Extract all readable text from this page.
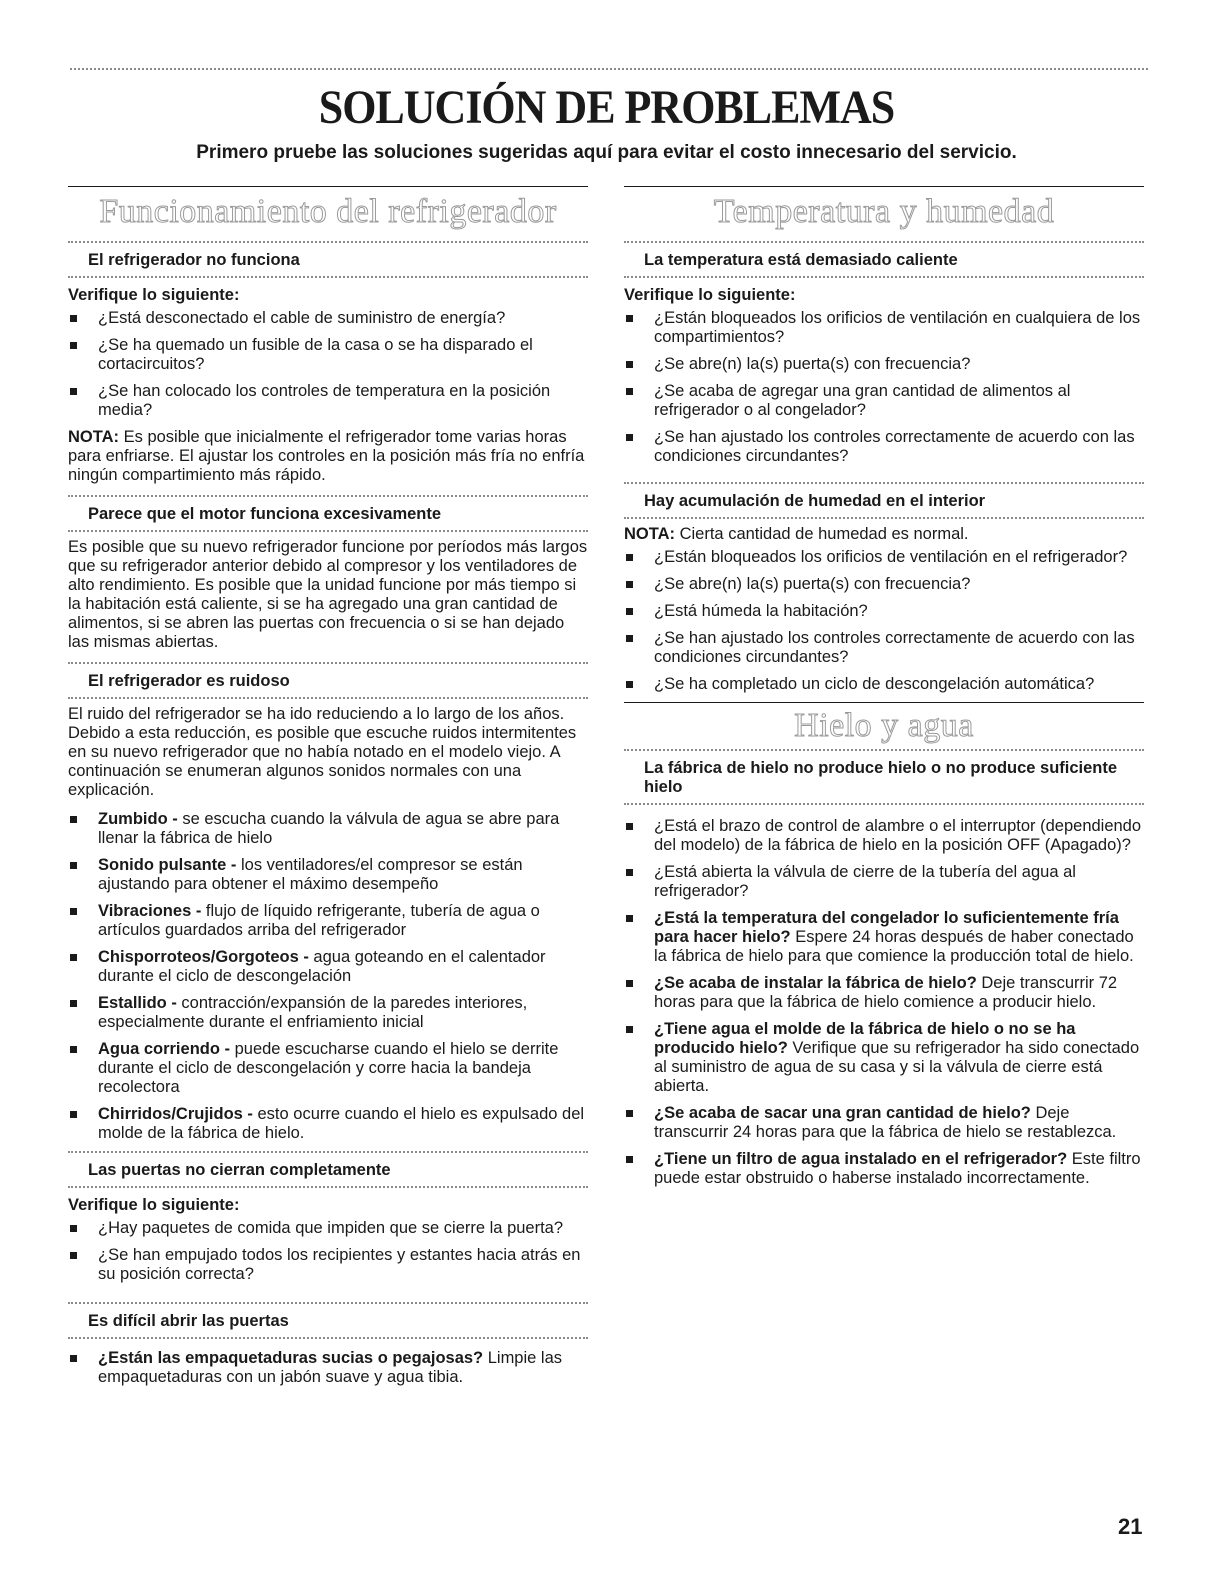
SOLUCIÓN DE PROBLEMAS
Primero pruebe las soluciones sugeridas aquí para evitar el costo innecesario del servicio.
Funcionamiento del refrigerador
El refrigerador no funciona
Verifique lo siguiente:
¿Está desconectado el cable de suministro de energía?
¿Se ha quemado un fusible de la casa o se ha disparado el cortacircuitos?
¿Se han colocado los controles de temperatura en la posición media?

NOTA: Es posible que inicialmente el refrigerador tome varias horas para enfriarse. El ajustar los controles en la posición más fría no enfría ningún compartimiento más rápido.

Parece que el motor funciona excesivamente

Es posible que su nuevo refrigerador funcione por períodos más largos que su refrigerador anterior debido al compresor y los ventiladores de alto rendimiento. Es posible que la unidad funcione por más tiempo si la habitación está caliente, si se ha agregado una gran cantidad de alimentos, si se abren las puertas con frecuencia o si se han dejado las mismas abiertas.

El refrigerador es ruidoso

El ruido del refrigerador se ha ido reduciendo a lo largo de los años. Debido a esta reducción, es posible que escuche ruidos intermitentes en su nuevo refrigerador que no había notado en el modelo viejo. A continuación se enumeran algunos sonidos normales con una explicación.

Zumbido - se escucha cuando la válvula de agua se abre para llenar la fábrica de hielo
Sonido pulsante - los ventiladores/el compresor se están ajustando para obtener el máximo desempeño
Vibraciones - flujo de líquido refrigerante, tubería de agua o artículos guardados arriba del refrigerador
Chisporroteos/Gorgoteos - agua goteando en el calentador durante el ciclo de descongelación
Estallido - contracción/expansión de la paredes interiores, especialmente durante el enfriamiento inicial
Agua corriendo - puede escucharse cuando el hielo se derrite durante el ciclo de descongelación y corre hacia la bandeja recolectora
Chirridos/Crujidos - esto ocurre cuando el hielo es expulsado del molde de la fábrica de hielo.
Las puertas no cierran completamente
Verifique lo siguiente:
¿Hay paquetes de comida que impiden que se cierre la puerta?
¿Se han empujado todos los recipientes y estantes hacia atrás en su posición correcta?
Es difícil abrir las puertas
¿Están las empaquetaduras sucias o pegajosas? Limpie las empaquetaduras con un jabón suave y agua tibia.
Temperatura y humedad
La temperatura está demasiado caliente
Verifique lo siguiente:
¿Están bloqueados los orificios de ventilación en cualquiera de los compartimientos?
¿Se abre(n) la(s) puerta(s) con frecuencia?
¿Se acaba de agregar una gran cantidad de alimentos al refrigerador o al congelador?
¿Se han ajustado los controles correctamente de acuerdo con las condiciones circundantes?
Hay acumulación de humedad en el interior

NOTA: Cierta cantidad de humedad es normal.

¿Están bloqueados los orificios de ventilación en el refrigerador?
¿Se abre(n) la(s) puerta(s) con frecuencia?
¿Está húmeda la habitación?
¿Se han ajustado los controles correctamente de acuerdo con las condiciones circundantes?
¿Se ha completado un ciclo de descongelación automática?
Hielo y agua
La fábrica de hielo no produce hielo o no produce suficiente hielo
¿Está el brazo de control de alambre o el interruptor (dependiendo del modelo) de la fábrica de hielo en la posición OFF (Apagado)?
¿Está abierta la válvula de cierre de la tubería del agua al refrigerador?
¿Está la temperatura del congelador lo suficientemente fría para hacer hielo? Espere 24 horas después de haber conectado la fábrica de hielo para que comience la producción total de hielo.
¿Se acaba de instalar la fábrica de hielo? Deje transcurrir 72 horas para que la fábrica de hielo comience a producir hielo.
¿Tiene agua el molde de la fábrica de hielo o no se ha producido hielo? Verifique que su refrigerador ha sido conectado al suministro de agua de su casa y si la válvula de cierre está abierta.
¿Se acaba de sacar una gran cantidad de hielo? Deje transcurrir 24 horas para que la fábrica de hielo se restablezca.
¿Tiene un filtro de agua instalado en el refrigerador? Este filtro puede estar obstruido o haberse instalado incorrectamente.
21
